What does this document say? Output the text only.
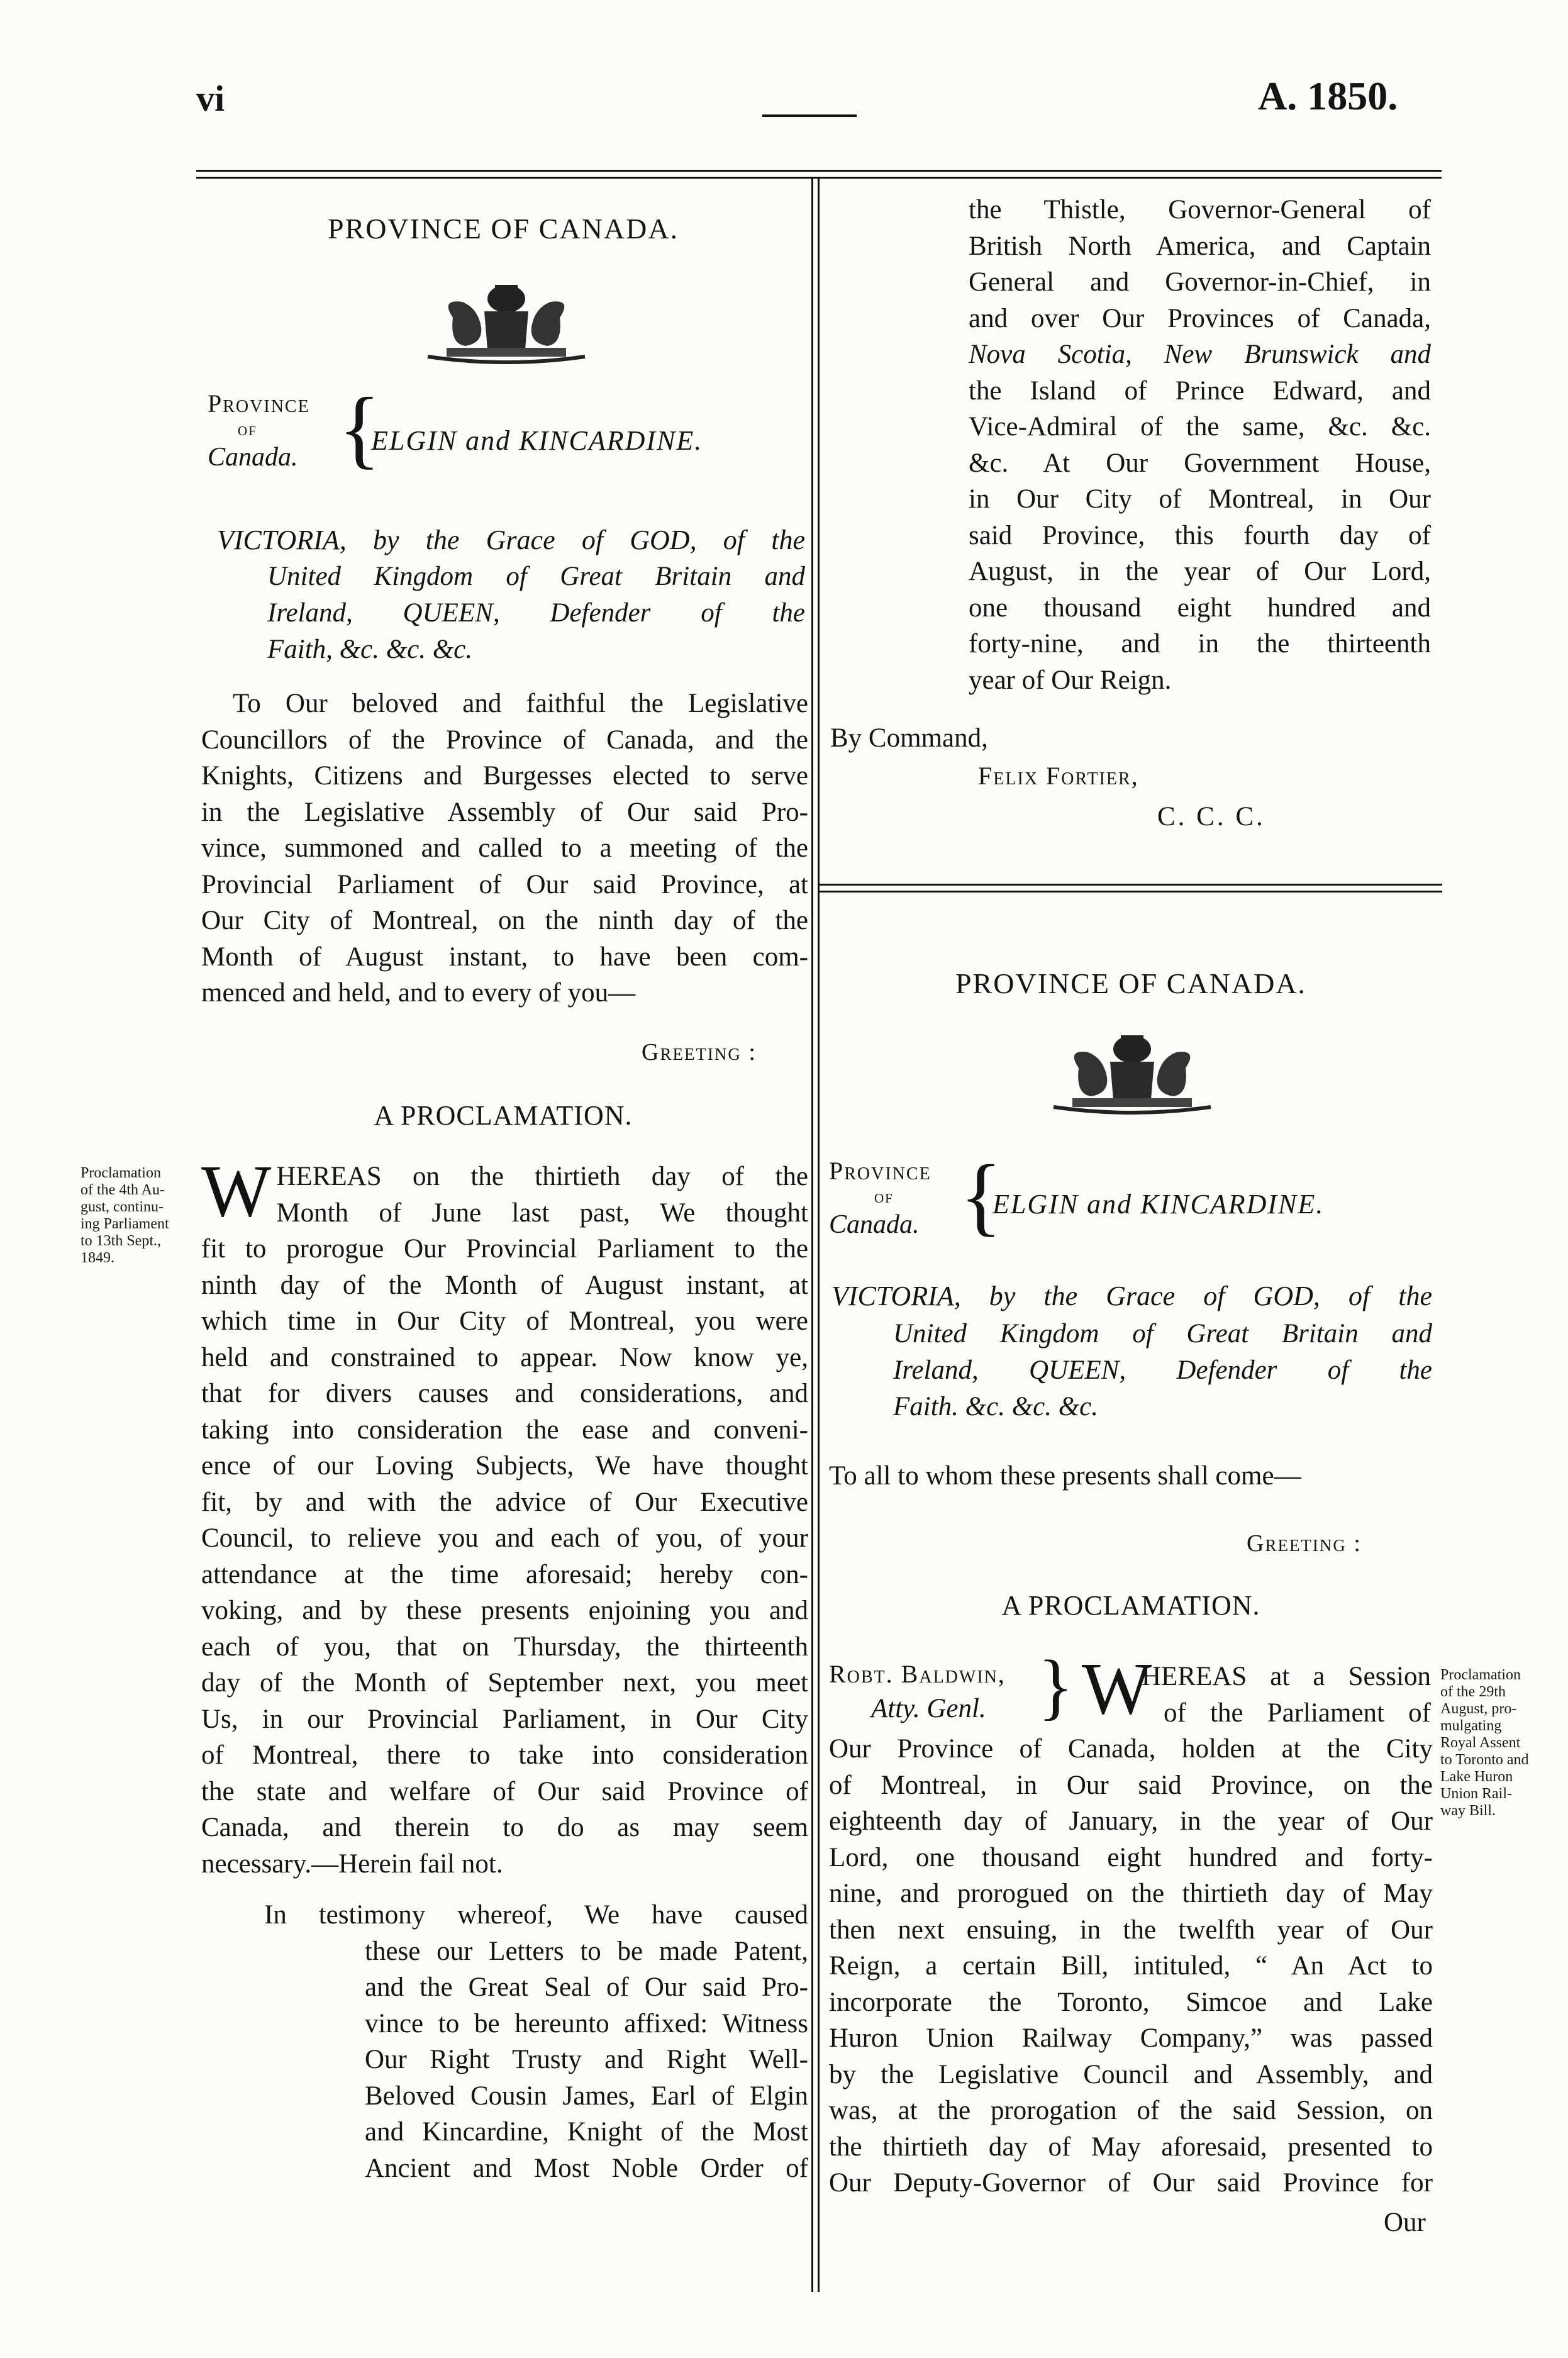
vi	A. 1850.
PROVINCE OF CANADA.
Province
of
Canada. {
ELGIN and KINCARDINE.
VICTORIA, by the Grace of GOD, of the
United Kingdom of Great Britain and
Ireland, QUEEN, Defender of the
Faith, &c. &c. &c.
To Our beloved and faithful the Legislative
Councillors of the Province of Canada, and the
Knights, Citizens and Burgesses elected to serve
in the Legislative Assembly of Our said Pro-
vince, summoned and called to a meeting of the
Provincial Parliament of Our said Province, at
Our City of Montreal, on the ninth day of the
Month of August instant, to have been com-
menced and held, and to every of you—
Greeting :
A PROCLAMATION.
Proclamation
of the 4th Au-
gust, continu-
ing Parliament
to 13th Sept.,
1849.
W HEREAS on the thirtieth day of the
Month of June last past, We thought
fit to prorogue Our Provincial Parliament to the
ninth day of the Month of August instant, at
which time in Our City of Montreal, you were
held and constrained to appear. Now know ye,
that for divers causes and considerations, and
taking into consideration the ease and conveni-
ence of our Loving Subjects, We have thought
fit, by and with the advice of Our Executive
Council, to relieve you and each of you, of your
attendance at the time aforesaid; hereby con-
voking, and by these presents enjoining you and
each of you, that on Thursday, the thirteenth
day of the Month of September next, you meet
Us, in our Provincial Parliament, in Our City
of Montreal, there to take into consideration
the state and welfare of Our said Province of
Canada, and therein to do as may seem
necessary.—Herein fail not.
In testimony whereof, We have caused
these our Letters to be made Patent,
and the Great Seal of Our said Pro-
vince to be hereunto affixed: Witness
Our Right Trusty and Right Well-
Beloved Cousin James, Earl of Elgin
and Kincardine, Knight of the Most
Ancient and Most Noble Order of
the Thistle, Governor-General of
British North America, and Captain
General and Governor-in-Chief, in
and over Our Provinces of Canada,
Nova Scotia, New Brunswick and
the Island of Prince Edward, and
Vice-Admiral of the same, &c. &c.
&c. At Our Government House,
in Our City of Montreal, in Our
said Province, this fourth day of
August, in the year of Our Lord,
one thousand eight hundred and
forty-nine, and in the thirteenth
year of Our Reign.
By Command,
Felix Fortier,
C. C. C.
PROVINCE OF CANADA.
Province
of
Canada. {
ELGIN and KINCARDINE.
VICTORIA, by the Grace of GOD, of the
United Kingdom of Great Britain and
Ireland, QUEEN, Defender of the
Faith. &c. &c. &c.
To all to whom these presents shall come—
Greeting :
A PROCLAMATION.
Robt. Baldwin,
Atty. Genl. } W
HEREAS at a Session
of the Parliament of
Our Province of Canada, holden at the City
of Montreal, in Our said Province, on the
eighteenth day of January, in the year of Our
Lord, one thousand eight hundred and forty-
nine, and prorogued on the thirtieth day of May
then next ensuing, in the twelfth year of Our
Reign, a certain Bill, intituled, “ An Act to
incorporate the Toronto, Simcoe and Lake
Huron Union Railway Company,” was passed
by the Legislative Council and Assembly, and
was, at the prorogation of the said Session, on
the thirtieth day of May aforesaid, presented to
Our Deputy-Governor of Our said Province for
Our
Proclamation
of the 29th
August, pro-
mulgating
Royal Assent
to Toronto and
Lake Huron
Union Rail-
way Bill.
